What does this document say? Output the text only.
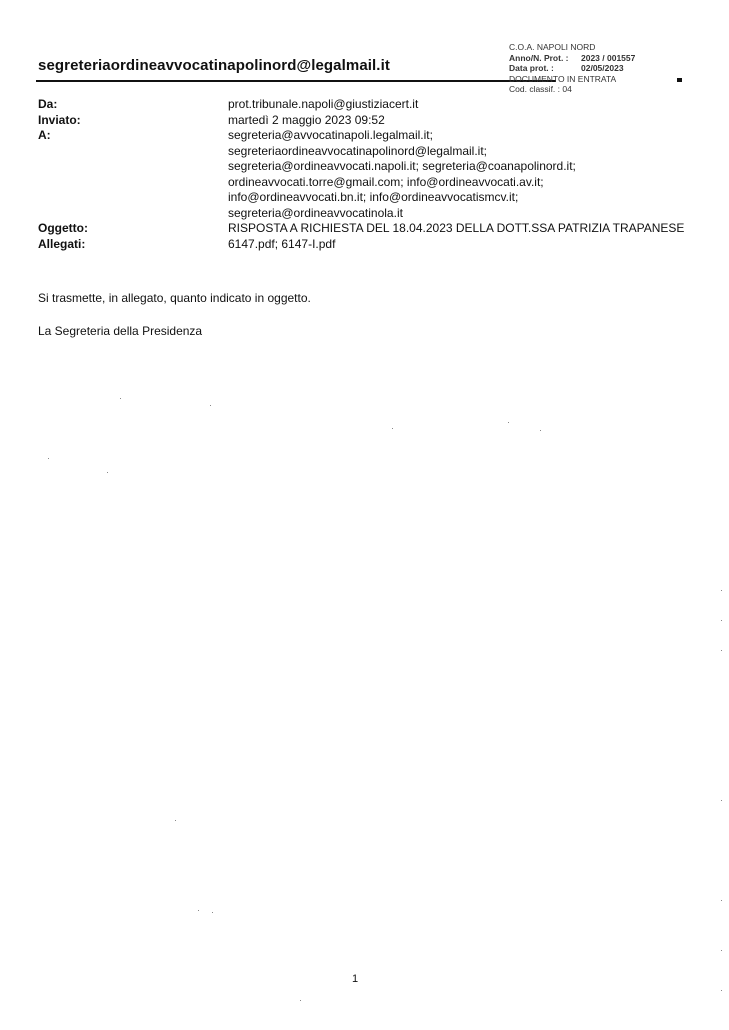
segreteriaordineavvocatinapolinord@legalmail.it
C.O.A. NAPOLI NORD
Anno/N. Prot. : 2023 / 001557
Data prot. :	02/05/2023
DOCUMENTO IN ENTRATA
Cod. classif. : 04
Da:	prot.tribunale.napoli@giustiziacert.it
Inviato:	martedì 2 maggio 2023 09:52
A:	segreteria@avvocatinapoli.legalmail.it;
segreteriaordineavvocatinapolinord@legalmail.it;
segreteria@ordineavvocati.napoli.it; segreteria@coanapolinord.it;
ordineavvocati.torre@gmail.com; info@ordineavvocati.av.it;
info@ordineavvocati.bn.it; info@ordineavvocatismcv.it;
segreteria@ordineavvocatinola.it
Oggetto:	RISPOSTA A RICHIESTA DEL 18.04.2023 DELLA DOTT.SSA PATRIZIA TRAPANESE
Allegati:	6147.pdf; 6147-I.pdf
Si trasmette, in allegato, quanto indicato in oggetto.
La Segreteria della Presidenza
1
